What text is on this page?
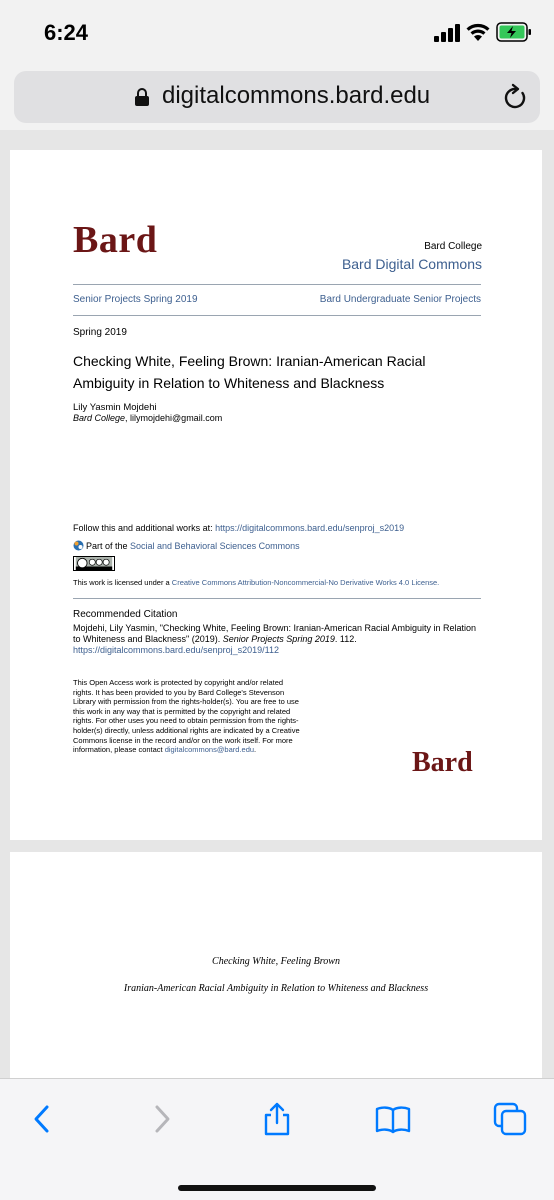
6:24
digitalcommons.bard.edu
Bard	Bard College
Bard Digital Commons
Senior Projects Spring 2019	Bard Undergraduate Senior Projects
Spring 2019
Checking White, Feeling Brown: Iranian-American Racial Ambiguity in Relation to Whiteness and Blackness
Lily Yasmin Mojdehi
Bard College, lilymojdehi@gmail.com
Follow this and additional works at: https://digitalcommons.bard.edu/senproj_s2019
Part of the Social and Behavioral Sciences Commons
This work is licensed under a Creative Commons Attribution-Noncommercial-No Derivative Works 4.0 License.
Recommended Citation
Mojdehi, Lily Yasmin, "Checking White, Feeling Brown: Iranian-American Racial Ambiguity in Relation to Whiteness and Blackness" (2019). Senior Projects Spring 2019. 112.
https://digitalcommons.bard.edu/senproj_s2019/112
This Open Access work is protected by copyright and/or related rights. It has been provided to you by Bard College's Stevenson Library with permission from the rights-holder(s). You are free to use this work in any way that is permitted by the copyright and related rights. For other uses you need to obtain permission from the rights-holder(s) directly, unless additional rights are indicated by a Creative Commons license in the record and/or on the work itself. For more information, please contact digitalcommons@bard.edu.	Bard
Checking White, Feeling Brown
Iranian-American Racial Ambiguity in Relation to Whiteness and Blackness
